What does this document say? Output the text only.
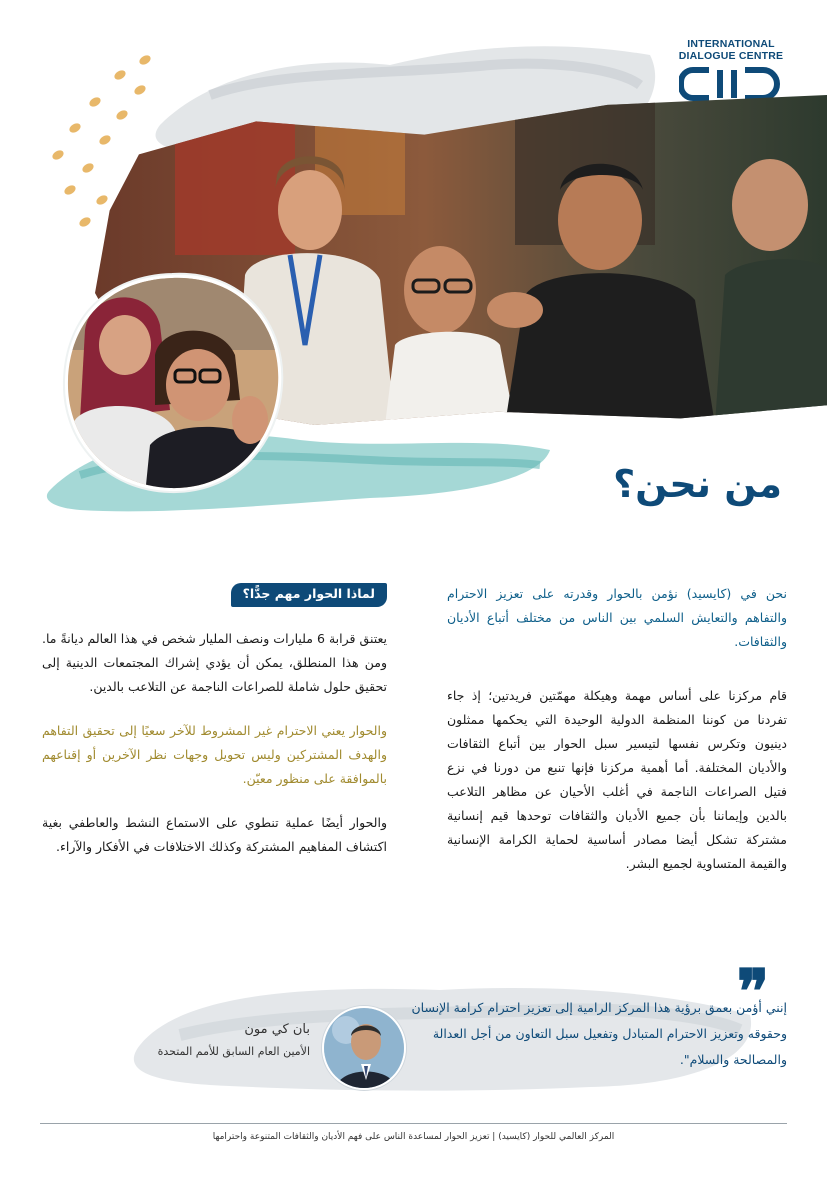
INTERNATIONAL
DIALOGUE CENTRE
من نحن؟

نحن في (كايسيد) نؤمن بالحوار وقدرته على تعزيز الاحترام والتفاهم والتعايش السلمي بين الناس من مختلف أتباع الأديان والثقافات.

قام مركزنا على أساس مهمة وهيكلة مهمّتين فريدتين؛ إذ جاء تفردنا من كوننا المنظمة الدولية الوحيدة التي يحكمها ممثلون دينيون وتكرس نفسها لتيسير سبل الحوار بين أتباع الثقافات والأديان المختلفة. أما أهمية مركزنا فإنها تنبع من دورنا في نزع فتيل الصراعات الناجمة في أغلب الأحيان عن مظاهر التلاعب بالدين وإيماننا بأن جميع الأديان والثقافات توحدها قيم إنسانية مشتركة تشكل أيضا مصادر أساسية لحماية الكرامة الإنسانية والقيمة المتساوية لجميع البشر.

لماذا الحوار مهم جدًّا؟

يعتنق قرابة 6 مليارات ونصف المليار شخص في هذا العالم ديانةً ما. ومن هذا المنطلق، يمكن أن يؤدي إشراك المجتمعات الدينية إلى تحقيق حلول شاملة للصراعات الناجمة عن التلاعب بالدين.

والحوار يعني الاحترام غير المشروط للآخر سعيًا إلى تحقيق التفاهم والهدف المشتركين وليس تحويل وجهات نظر الآخرين أو إقناعهم بالموافقة على منظور معيّن.

والحوار أيضًا عملية تنطوي على الاستماع النشط والعاطفي بغية اكتشاف المفاهيم المشتركة وكذلك الاختلافات في الأفكار والآراء.

❞
إنني أؤمن بعمق برؤية هذا المركز الرامية إلى تعزيز احترام كرامة الإنسان وحقوقه وتعزيز الاحترام المتبادل وتفعيل سبل التعاون من أجل العدالة والمصالحة والسلام".
بان كي مون
الأمين العام السابق للأمم المتحدة
المركز العالمي للحوار (كايسيد) | تعزيز الحوار لمساعدة الناس على فهم الأديان والثقافات المتنوعة واحترامها
